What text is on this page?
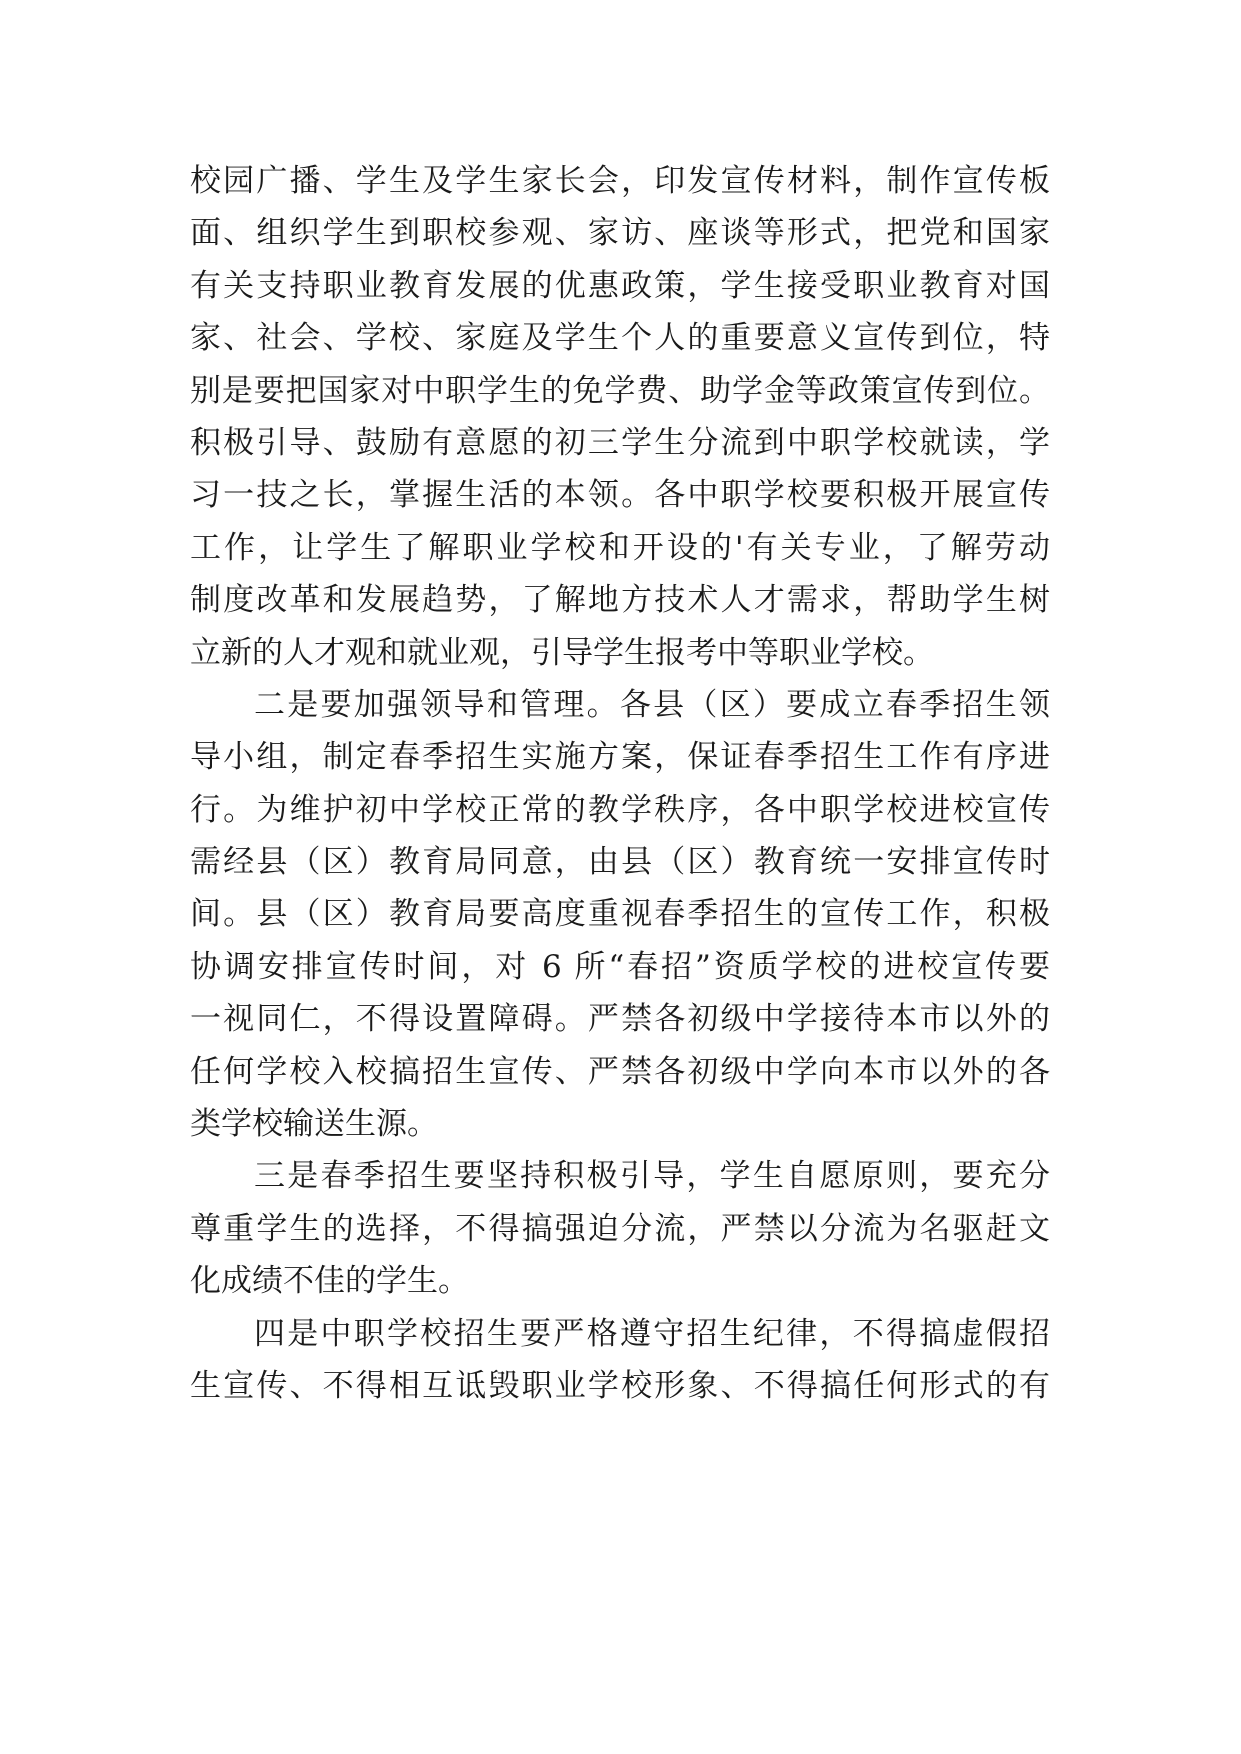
校园广播、学生及学生家长会，印发宣传材料，制作宣传板
面、组织学生到职校参观、家访、座谈等形式，把党和国家
有关支持职业教育发展的优惠政策，学生接受职业教育对国
家、社会、学校、家庭及学生个人的重要意义宣传到位，特
别是要把国家对中职学生的免学费、助学金等政策宣传到位。
积极引导、鼓励有意愿的初三学生分流到中职学校就读，学
习一技之长，掌握生活的本领。各中职学校要积极开展宣传
工作，让学生了解职业学校和开设的'有关专业，了解劳动
制度改革和发展趋势，了解地方技术人才需求，帮助学生树
立新的人才观和就业观，引导学生报考中等职业学校。
二是要加强领导和管理。各县（区）要成立春季招生领
导小组，制定春季招生实施方案，保证春季招生工作有序进
行。为维护初中学校正常的教学秩序，各中职学校进校宣传
需经县（区）教育局同意，由县（区）教育统一安排宣传时
间。县（区）教育局要高度重视春季招生的宣传工作，积极
协调安排宣传时间，对 6 所“春招”资质学校的进校宣传要
一视同仁，不得设置障碍。严禁各初级中学接待本市以外的
任何学校入校搞招生宣传、严禁各初级中学向本市以外的各
类学校输送生源。
三是春季招生要坚持积极引导，学生自愿原则，要充分
尊重学生的选择，不得搞强迫分流，严禁以分流为名驱赶文
化成绩不佳的学生。
四是中职学校招生要严格遵守招生纪律，不得搞虚假招
生宣传、不得相互诋毁职业学校形象、不得搞任何形式的有
